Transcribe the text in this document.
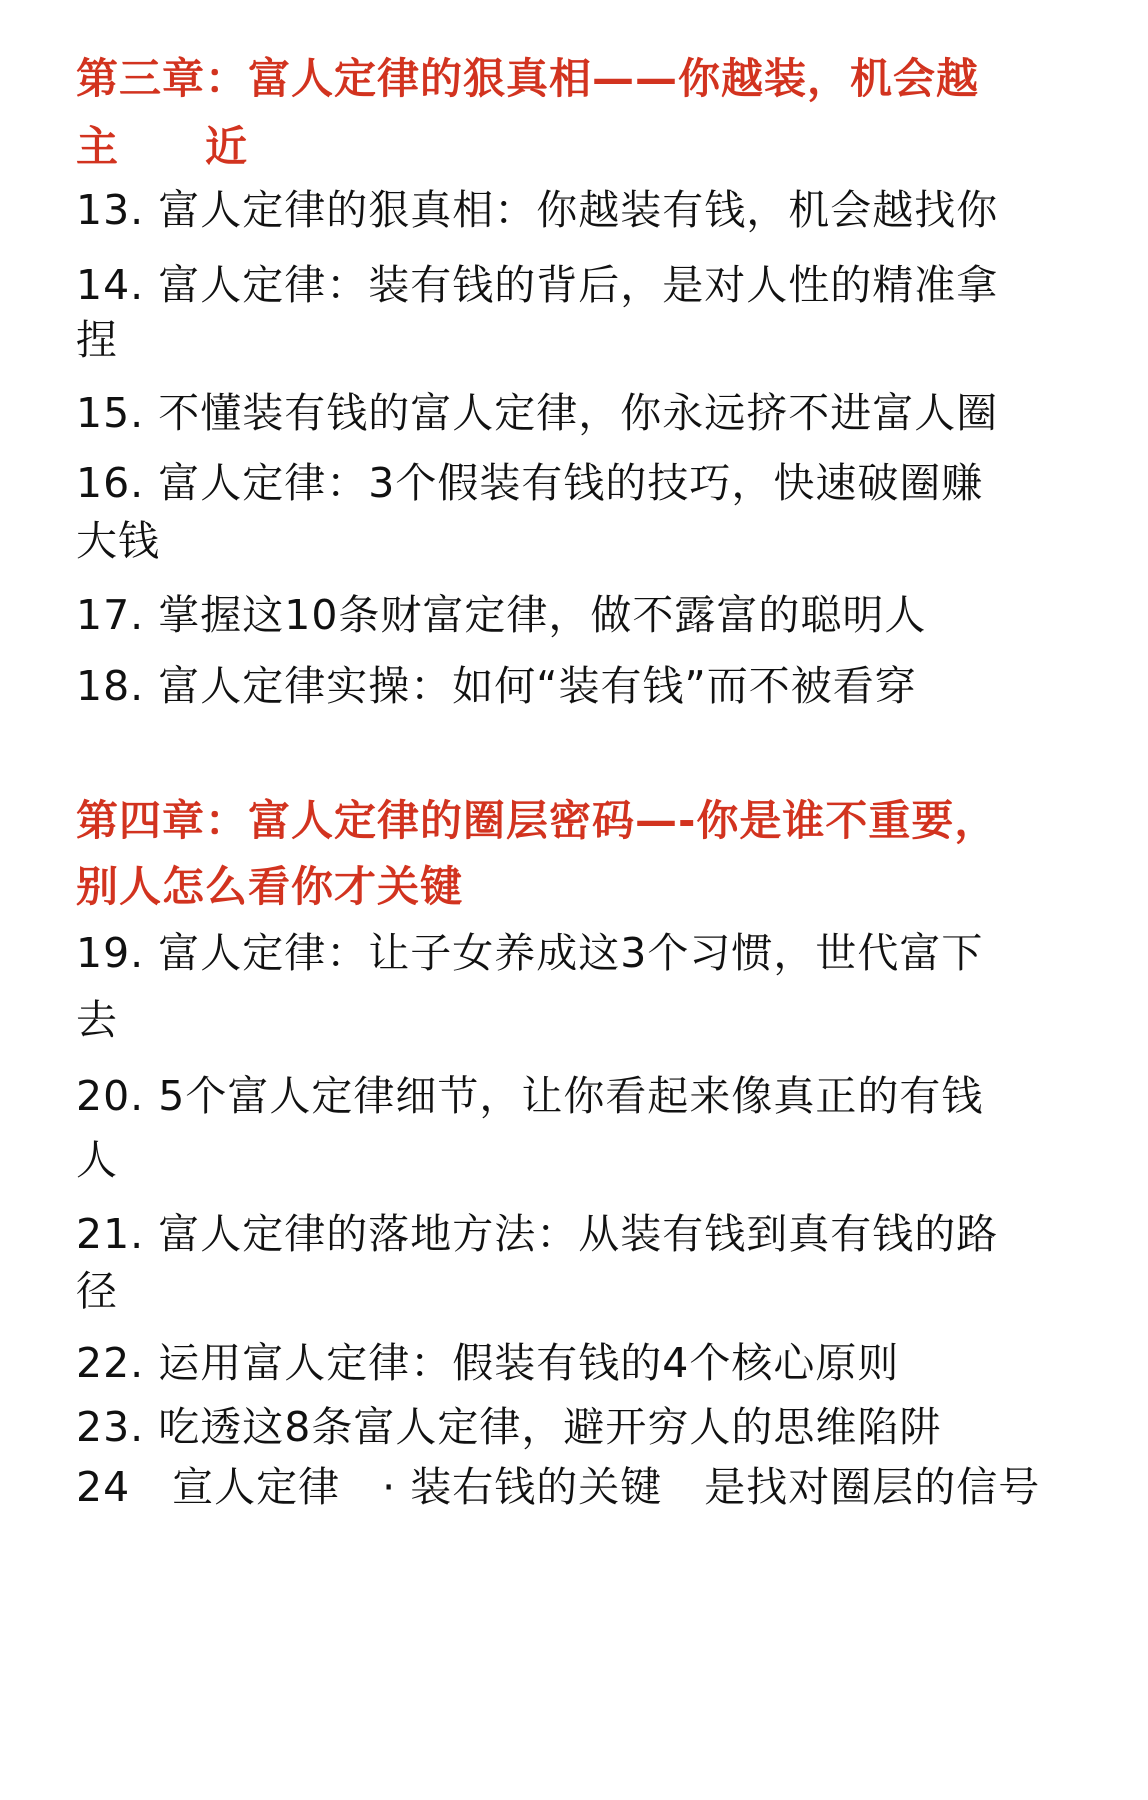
第三章：富人定律的狠真相——你越装，机会越
主　　近
13. 富人定律的狠真相：你越装有钱，机会越找你
14. 富人定律：装有钱的背后，是对人性的精准拿
捏
15. 不懂装有钱的富人定律，你永远挤不进富人圈
16. 富人定律：3个假装有钱的技巧，快速破圈赚
大钱
17. 掌握这10条财富定律，做不露富的聪明人
18. 富人定律实操：如何“装有钱”而不被看穿
第四章：富人定律的圈层密码—-你是谁不重要，
别人怎么看你才关键
19. 富人定律：让子女养成这3个习惯，世代富下
去
20. 5个富人定律细节，让你看起来像真正的有钱
人
21. 富人定律的落地方法：从装有钱到真有钱的路
径
22. 运用富人定律：假装有钱的4个核心原则
23. 吃透这8条富人定律，避开穷人的思维陷阱
24　宣人定律　· 装右钱的关键　是找对圈层的信号
